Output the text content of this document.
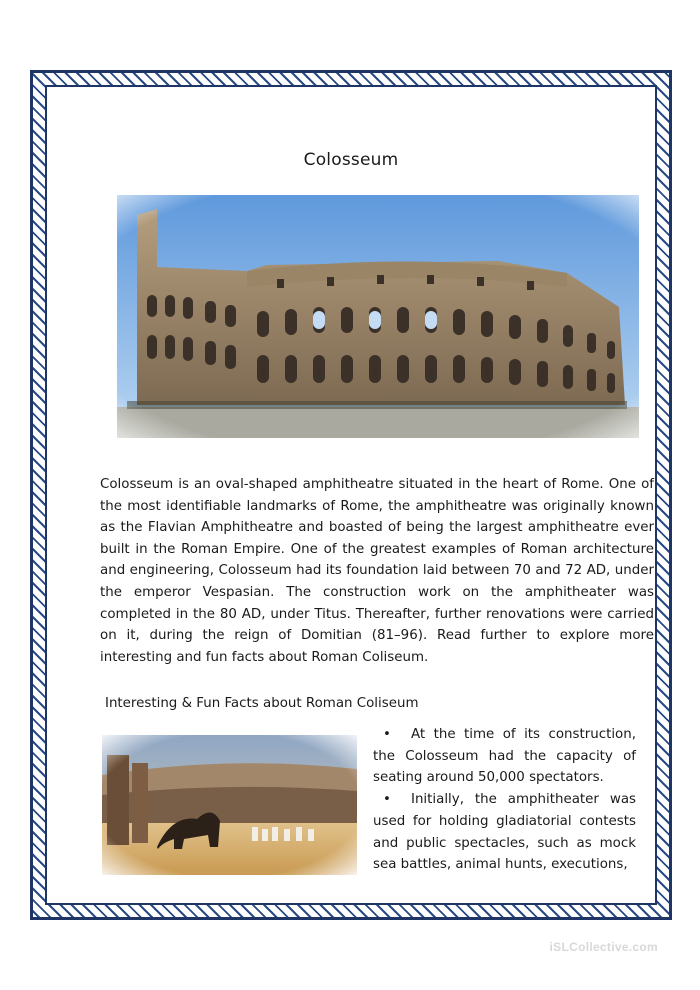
Colosseum
Colosseum is an oval-shaped amphitheatre situated in the heart of Rome. One of the most identifiable landmarks of Rome, the amphitheatre was originally known as the Flavian Amphitheatre and boasted of being the largest amphitheatre ever built in the Roman Empire. One of the greatest examples of Roman architecture and engineering, Colosseum had its foundation laid between 70 and 72 AD, under the emperor Vespasian. The construction work on the amphitheater was completed in the 80 AD, under Titus. Thereafter, further renovations were carried on it, during the reign of Domitian (81–96). Read further to explore more interesting and fun facts about Roman Coliseum.
Interesting & Fun Facts about Roman Coliseum

• At the time of its construction, the Colosseum had the capacity of seating around 50,000 spectators.

• Initially, the amphitheater was used for holding gladiatorial contests and public spectacles, such as mock sea battles, animal hunts, executions,

iSLCollective.com
